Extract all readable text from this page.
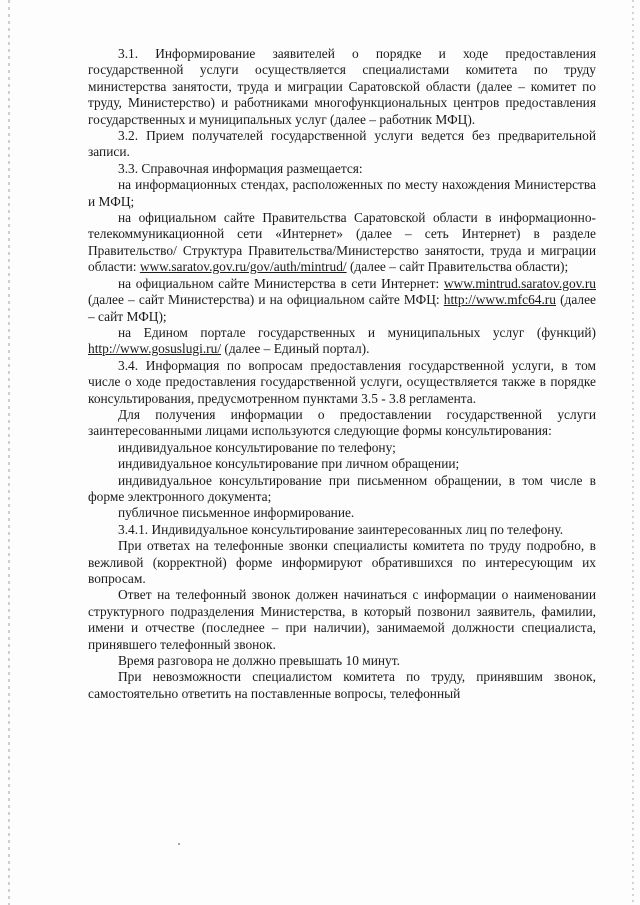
3.1. Информирование заявителей о порядке и ходе предоставления государственной услуги осуществляется специалистами комитета по труду министерства занятости, труда и миграции Саратовской области (далее – комитет по труду, Министерство) и работниками многофункциональных центров предоставления государственных и муниципальных услуг (далее – работник МФЦ).

3.2. Прием получателей государственной услуги ведется без предварительной записи.

3.3. Справочная информация размещается:

на информационных стендах, расположенных по месту нахождения Министерства и МФЦ;

на официальном сайте Правительства Саратовской области в информационно-телекоммуникационной сети «Интернет» (далее – сеть Интернет) в разделе Правительство/ Структура Правительства/Министерство занятости, труда и миграции области: www.saratov.gov.ru/gov/auth/mintrud/ (далее – сайт Правительства области);

на официальном сайте Министерства в сети Интернет: www.mintrud.saratov.gov.ru (далее – сайт Министерства) и на официальном сайте МФЦ: http://www.mfc64.ru (далее – сайт МФЦ);

на Едином портале государственных и муниципальных услуг (функций) http://www.gosuslugi.ru/ (далее – Единый портал).

3.4. Информация по вопросам предоставления государственной услуги, в том числе о ходе предоставления государственной услуги, осуществляется также в порядке консультирования, предусмотренном пунктами 3.5 - 3.8 регламента.

Для получения информации о предоставлении государственной услуги заинтересованными лицами используются следующие формы консультирования:

индивидуальное консультирование по телефону;

индивидуальное консультирование при личном обращении;

индивидуальное консультирование при письменном обращении, в том числе в форме электронного документа;

публичное письменное информирование.

3.4.1. Индивидуальное консультирование заинтересованных лиц по телефону.

При ответах на телефонные звонки специалисты комитета по труду подробно, в вежливой (корректной) форме информируют обратившихся по интересующим их вопросам.

Ответ на телефонный звонок должен начинаться с информации о наименовании структурного подразделения Министерства, в который позвонил заявитель, фамилии, имени и отчестве (последнее – при наличии), занимаемой должности специалиста, принявшего телефонный звонок.

Время разговора не должно превышать 10 минут.

При невозможности специалистом комитета по труду, принявшим звонок, самостоятельно ответить на поставленные вопросы, телефонный
